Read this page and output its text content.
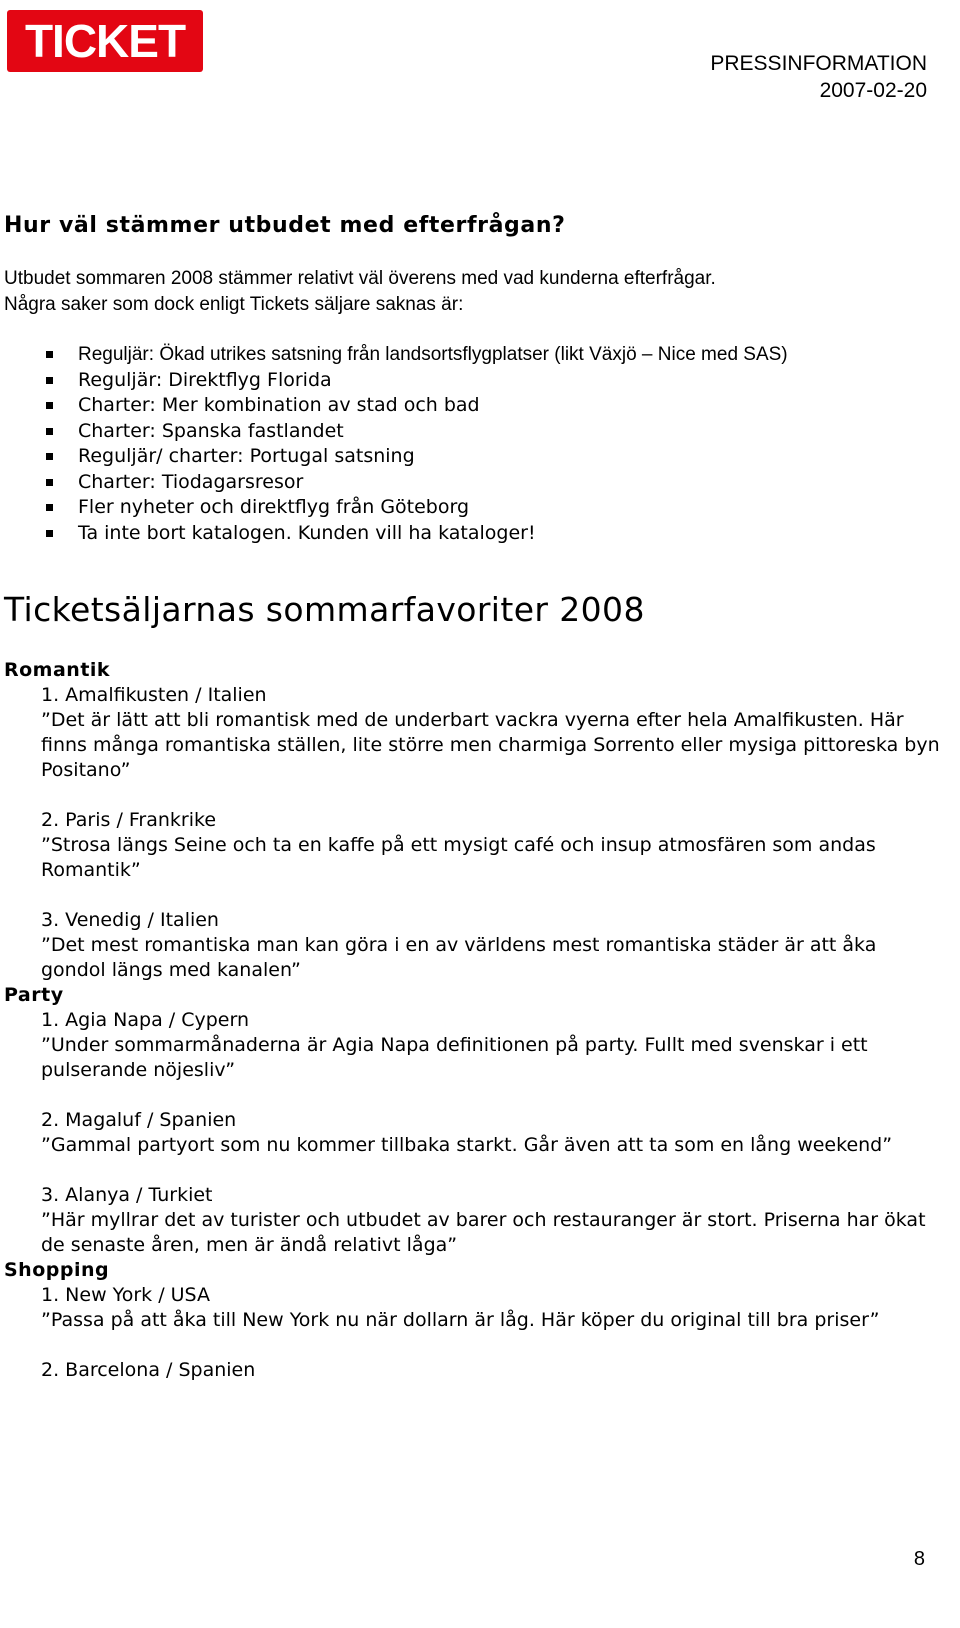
TICKET	PRESSINFORMATION
2007-02-20
Hur väl stämmer utbudet med efterfrågan?
Utbudet sommaren 2008 stämmer relativt väl överens med vad kunderna efterfrågar.
Några saker som dock enligt Tickets säljare saknas är:
Reguljär: Ökad utrikes satsning från landsortsflygplatser (likt Växjö – Nice med SAS)
Reguljär: Direktflyg Florida
Charter: Mer kombination av stad och bad
Charter: Spanska fastlandet
Reguljär/ charter: Portugal satsning
Charter: Tiodagarsresor
Fler nyheter och direktflyg från Göteborg
Ta inte bort katalogen. Kunden vill ha kataloger!
Ticketsäljarnas sommarfavoriter 2008
Romantik
1. Amalfikusten / Italien
”Det är lätt att bli romantisk med de underbart vackra vyerna efter hela Amalfikusten. Här finns många romantiska ställen, lite större men charmiga Sorrento eller mysiga pittoreska byn Positano”
2. Paris / Frankrike
”Strosa längs Seine och ta en kaffe på ett mysigt café och insup atmosfären som andas Romantik”
3. Venedig / Italien
”Det mest romantiska man kan göra i en av världens mest romantiska städer är att åka gondol längs med kanalen”
Party
1. Agia Napa / Cypern
”Under sommarmånaderna är Agia Napa definitionen på party. Fullt med svenskar i ett pulserande nöjesliv”
2. Magaluf / Spanien
”Gammal partyort som nu kommer tillbaka starkt. Går även att ta som en lång weekend”
3. Alanya / Turkiet
”Här myllrar det av turister och utbudet av barer och restauranger är stort. Priserna har ökat de senaste åren, men är ändå relativt låga”
Shopping
1. New York / USA
”Passa på att åka till New York nu när dollarn är låg. Här köper du original till bra priser”
2. Barcelona / Spanien
8
